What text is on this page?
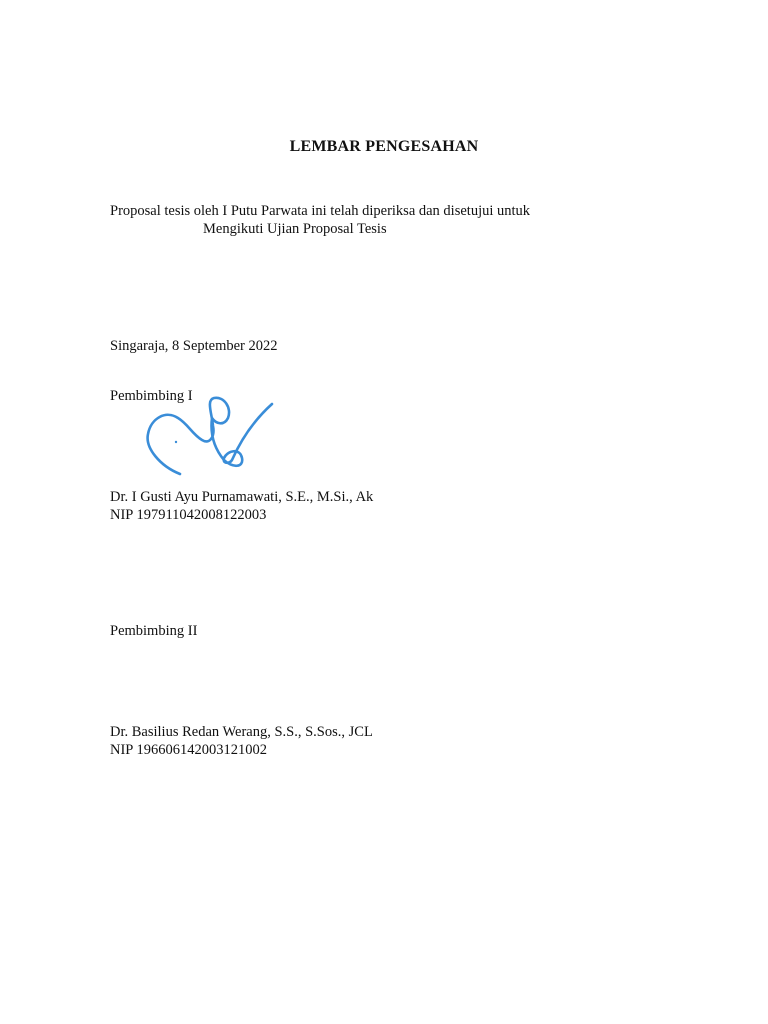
LEMBAR PENGESAHAN
Proposal tesis oleh I Putu Parwata ini telah diperiksa dan disetujui untuk
Mengikuti Ujian Proposal Tesis
Singaraja, 8 September 2022
Pembimbing I
Dr. I Gusti Ayu Purnamawati, S.E., M.Si., Ak
NIP 197911042008122003
Pembimbing II
Dr. Basilius Redan Werang, S.S., S.Sos., JCL
NIP 196606142003121002
